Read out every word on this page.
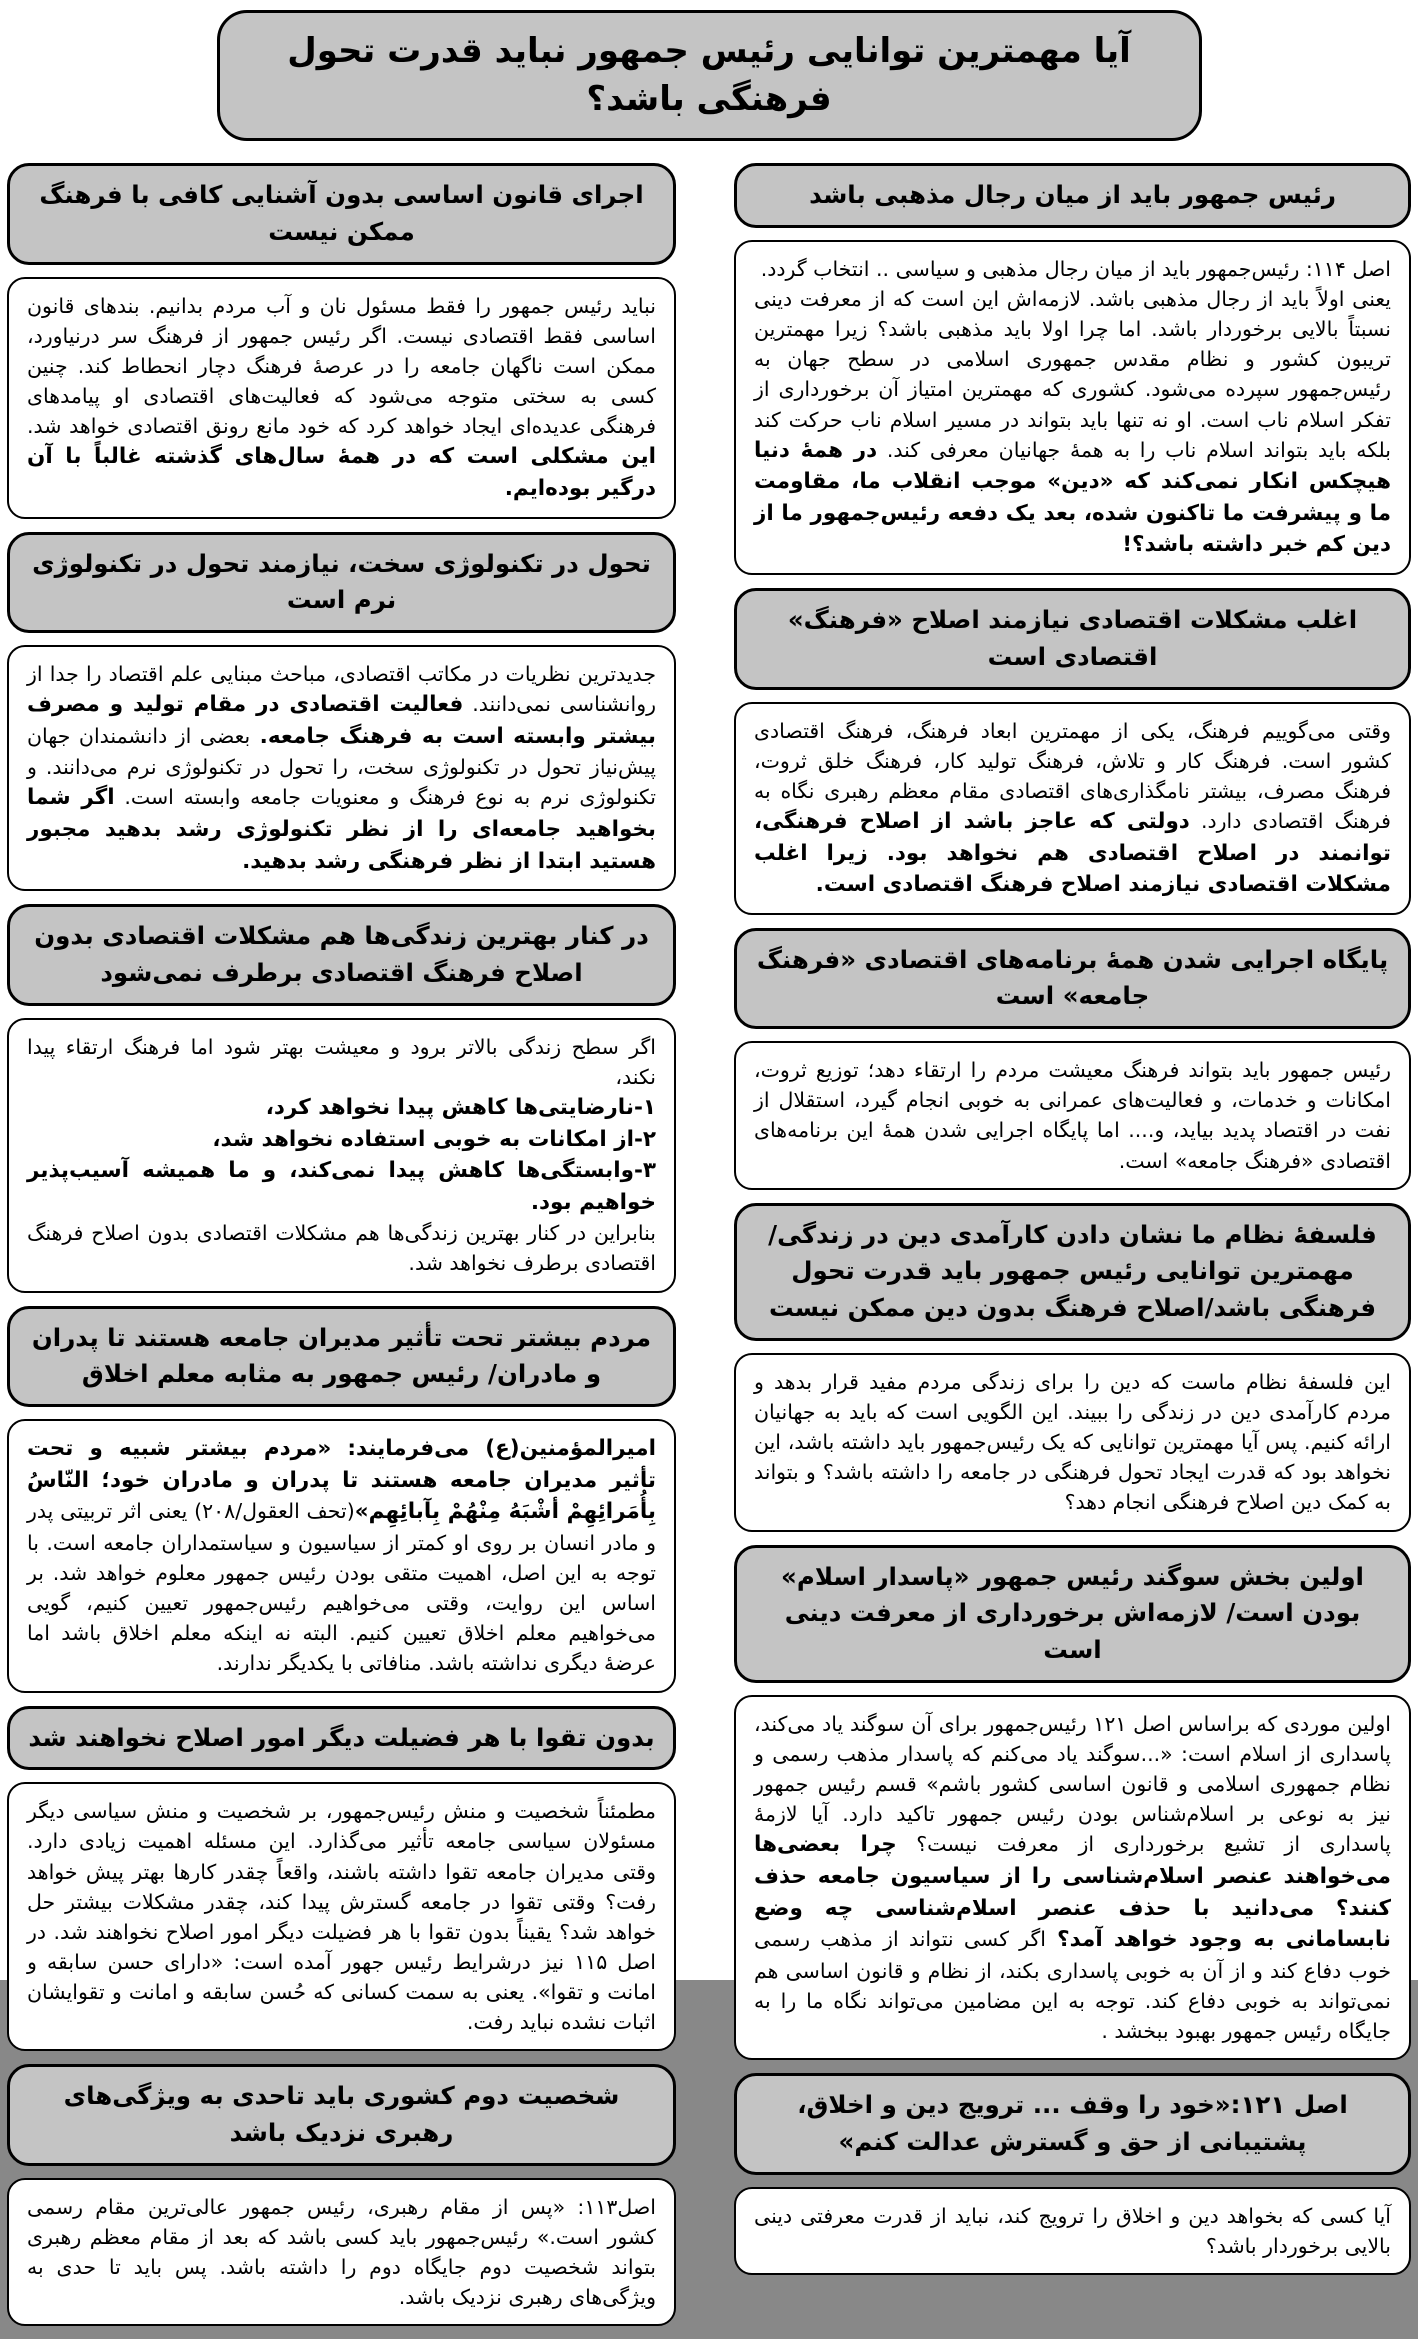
آیا مهمترین توانایی رئیس جمهور نباید قدرت تحول فرهنگی باشد؟
رئیس جمهور باید از میان رجال مذهبی باشد
اصل ۱۱۴: رئیس‌جمهور باید از میان رجال مذهبی و سیاسی .. انتخاب گردد.
یعنی اولاً باید از رجال مذهبی باشد. لازمه‌اش این است که از معرفت دینی نسبتاً بالایی برخوردار باشد. اما چرا اولا باید مذهبی باشد؟ زیرا مهمترین تریبون کشور و نظام مقدس جمهوری اسلامی در سطح جهان به رئیس‌جمهور سپرده می‌شود. کشوری که مهمترین امتیاز آن برخورداری از تفکر اسلام ناب است. او نه تنها باید بتواند در مسیر اسلام ناب حرکت کند بلکه باید بتواند اسلام ناب را به همهٔ جهانیان معرفی کند. در همهٔ دنیا هیچکس انکار نمی‌کند که «دین» موجب انقلاب ما، مقاومت ما و پیشرفت ما تاکنون شده، بعد یک دفعه رئیس‌جمهور ما از دین کم خبر داشته باشد؟!
اغلب مشکلات اقتصادی نیازمند اصلاح «فرهنگ» اقتصادی است
وقتی می‌گوییم فرهنگ، یکی از مهمترین ابعاد فرهنگ، فرهنگ اقتصادی کشور است. فرهنگ کار و تلاش، فرهنگ تولید کار، فرهنگ خلق ثروت، فرهنگ مصرف، بیشتر نامگذاری‌های اقتصادی مقام معظم رهبری نگاه به فرهنگ اقتصادی دارد. دولتی که عاجز باشد از اصلاح فرهنگی، توانمند در اصلاح اقتصادی هم نخواهد بود. زیرا اغلب مشکلات اقتصادی نیازمند اصلاح فرهنگ اقتصادی است.
پایگاه اجرایی شدن همهٔ برنامه‌های اقتصادی «فرهنگ جامعه» است
رئیس جمهور باید بتواند فرهنگ معیشت مردم را ارتقاء دهد؛ توزیع ثروت، امکانات و خدمات، و فعالیت‌های عمرانی به خوبی انجام گیرد، استقلال از نفت در اقتصاد پدید بیاید، و.... اما پایگاه اجرایی شدن همهٔ این برنامه‌های اقتصادی «فرهنگ جامعه» است.
فلسفهٔ نظام ما نشان دادن کارآمدی دین در زندگی/ مهمترین توانایی رئیس جمهور باید قدرت تحول فرهنگی باشد/اصلاح فرهنگ بدون دین ممکن نیست
این فلسفهٔ نظام ماست که دین را برای زندگی مردم مفید قرار بدهد و مردم کارآمدی دین در زندگی را ببیند. این الگویی است که باید به جهانیان ارائه کنیم. پس آیا مهمترین توانایی که یک رئیس‌جمهور باید داشته باشد، این نخواهد بود که قدرت ایجاد تحول فرهنگی در جامعه را داشته باشد؟ و بتواند به کمک دین اصلاح فرهنگی انجام دهد؟
اولین بخش سوگند رئیس جمهور «پاسدار اسلام» بودن است/ لازمه‌اش برخورداری از معرفت دینی است
اولین موردی که براساس اصل ۱۲۱ رئیس‌جمهور برای آن سوگند یاد می‌کند، پاسداری از اسلام است: «...سوگند یاد می‌کنم که پاسدار مذهب رسمی و نظام جمهوری اسلامی و قانون اساسی کشور باشم» قسم رئیس جمهور نیز به نوعی بر اسلام‌شناس بودن رئیس جمهور تاکید دارد. آیا لازمهٔ پاسداری از تشیع برخورداری از معرفت نیست؟ چرا بعضی‌ها می‌خواهند عنصر اسلام‌شناسی را از سیاسیون جامعه حذف کنند؟ می‌دانید با حذف عنصر اسلام‌شناسی چه وضع نابسامانی به وجود خواهد آمد؟ اگر کسی نتواند از مذهب رسمی خوب دفاع کند و از آن به خوبی پاسداری بکند، از نظام و قانون اساسی هم نمی‌تواند به خوبی دفاع کند. توجه به این مضامین می‌تواند نگاه ما را به جایگاه رئیس جمهور بهبود ببخشد .
اصل ۱۲۱:«خود را وقف ... ترویج دین و اخلاق، پشتیبانی از حق و گسترش عدالت کنم»
آیا کسی که بخواهد دین و اخلاق را ترویج کند، نباید از قدرت معرفتی دینی بالایی برخوردار باشد؟
اجرای قانون اساسی بدون آشنایی کافی با فرهنگ ممکن نیست
نباید رئیس جمهور را فقط مسئول نان و آب مردم بدانیم. بندهای قانون اساسی فقط اقتصادی نیست. اگر رئیس جمهور از فرهنگ سر درنیاورد، ممکن است ناگهان جامعه را در عرصهٔ فرهنگ دچار انحطاط کند. چنین کسی به سختی متوجه می‌شود که فعالیت‌های اقتصادی او پیامدهای فرهنگی عدیده‌ای ایجاد خواهد کرد که خود مانع رونق اقتصادی خواهد شد. این مشکلی است که در همهٔ سال‌های گذشته غالباً با آن درگیر بوده‌ایم.
تحول در تکنولوژی سخت، نیازمند تحول در تکنولوژی نرم است
جدیدترین نظریات در مکاتب اقتصادی، مباحث مبنایی علم اقتصاد را جدا از روانشناسی نمی‌دانند. فعالیت اقتصادی در مقام تولید و مصرف بیشتر وابسته است به فرهنگ جامعه. بعضی از دانشمندان جهان پیش‌نیاز تحول در تکنولوژی سخت، را تحول در تکنولوژی نرم می‌دانند. و تکنولوژی نرم به نوع فرهنگ و معنویات جامعه وابسته است. اگر شما بخواهید جامعه‌ای را از نظر تکنولوژی رشد بدهید مجبور هستید ابتدا از نظر فرهنگی رشد بدهید.
در کنار بهترین زندگی‌ها هم مشکلات اقتصادی بدون اصلاح فرهنگ اقتصادی برطرف نمی‌شود
اگر سطح زندگی بالاتر برود و معیشت بهتر شود اما فرهنگ ارتقاء پیدا نکند،
۱-نارضایتی‌ها کاهش پیدا نخواهد کرد،
۲-از امکانات به خوبی استفاده نخواهد شد،
۳-وابستگی‌ها کاهش پیدا نمی‌کند، و ما همیشه آسیب‌پذیر خواهیم بود.
بنابراین در کنار بهترین زندگی‌ها هم مشکلات اقتصادی بدون اصلاح فرهنگ اقتصادی برطرف نخواهد شد.
مردم بیشتر تحت تأثیر مدیران جامعه هستند تا پدران و مادران/ رئیس جمهور به مثابه معلم اخلاق
امیرالمؤمنین(ع) می‌فرمایند: «مردم بیشتر شبیه و تحت تأثیر مدیران جامعه هستند تا پدران و مادران خود؛ النّاسُ بِأُمَرائِهِمْ أشْبَهُ مِنْهُمْ بِآبائِهِم»(تحف العقول/۲۰۸) یعنی اثر تربیتی پدر و مادر انسان بر روی او کمتر از سیاسیون و سیاستمداران جامعه است. با توجه به این اصل، اهمیت متقی بودن رئیس جمهور معلوم خواهد شد. بر اساس این روایت، وقتی می‌خواهیم رئیس‌جمهور تعیین کنیم، گویی می‌خواهیم معلم اخلاق تعیین کنیم. البته نه اینکه معلم اخلاق باشد اما عرضهٔ دیگری نداشته باشد. منافاتی با یکدیگر ندارند.
بدون تقوا با هر فضیلت دیگر امور اصلاح نخواهند شد
مطمئناً شخصیت و منش رئیس‌جمهور، بر شخصیت و منش سیاسی دیگر مسئولان سیاسی جامعه تأثیر می‌گذارد. این مسئله اهمیت زیادی دارد. وقتی مدیران جامعه تقوا داشته باشند، واقعاً چقدر کارها بهتر پیش خواهد رفت؟ وقتی تقوا در جامعه گسترش پیدا کند، چقدر مشکلات بیشتر حل خواهد شد؟ یقیناً بدون تقوا با هر فضیلت دیگر امور اصلاح نخواهند شد. در اصل ۱۱۵ نیز درشرایط رئیس جهور آمده است: «دارای حسن سابقه و امانت و تقوا». یعنی به سمت کسانی که حُسن سابقه و امانت و تقوایشان اثبات نشده نباید رفت.
شخصیت دوم کشوری باید تاحدی به ویژگی‌های رهبری نزدیک باشد
اصل۱۱۳: «پس از مقام رهبری، رئیس جمهور عالی‌ترین مقام رسمی کشور است.» رئیس‌جمهور باید کسی باشد که بعد از مقام معظم رهبری بتواند شخصیت دوم جایگاه دوم را داشته باشد. پس باید تا حدی به ویژگی‌های رهبری نزدیک باشد.
